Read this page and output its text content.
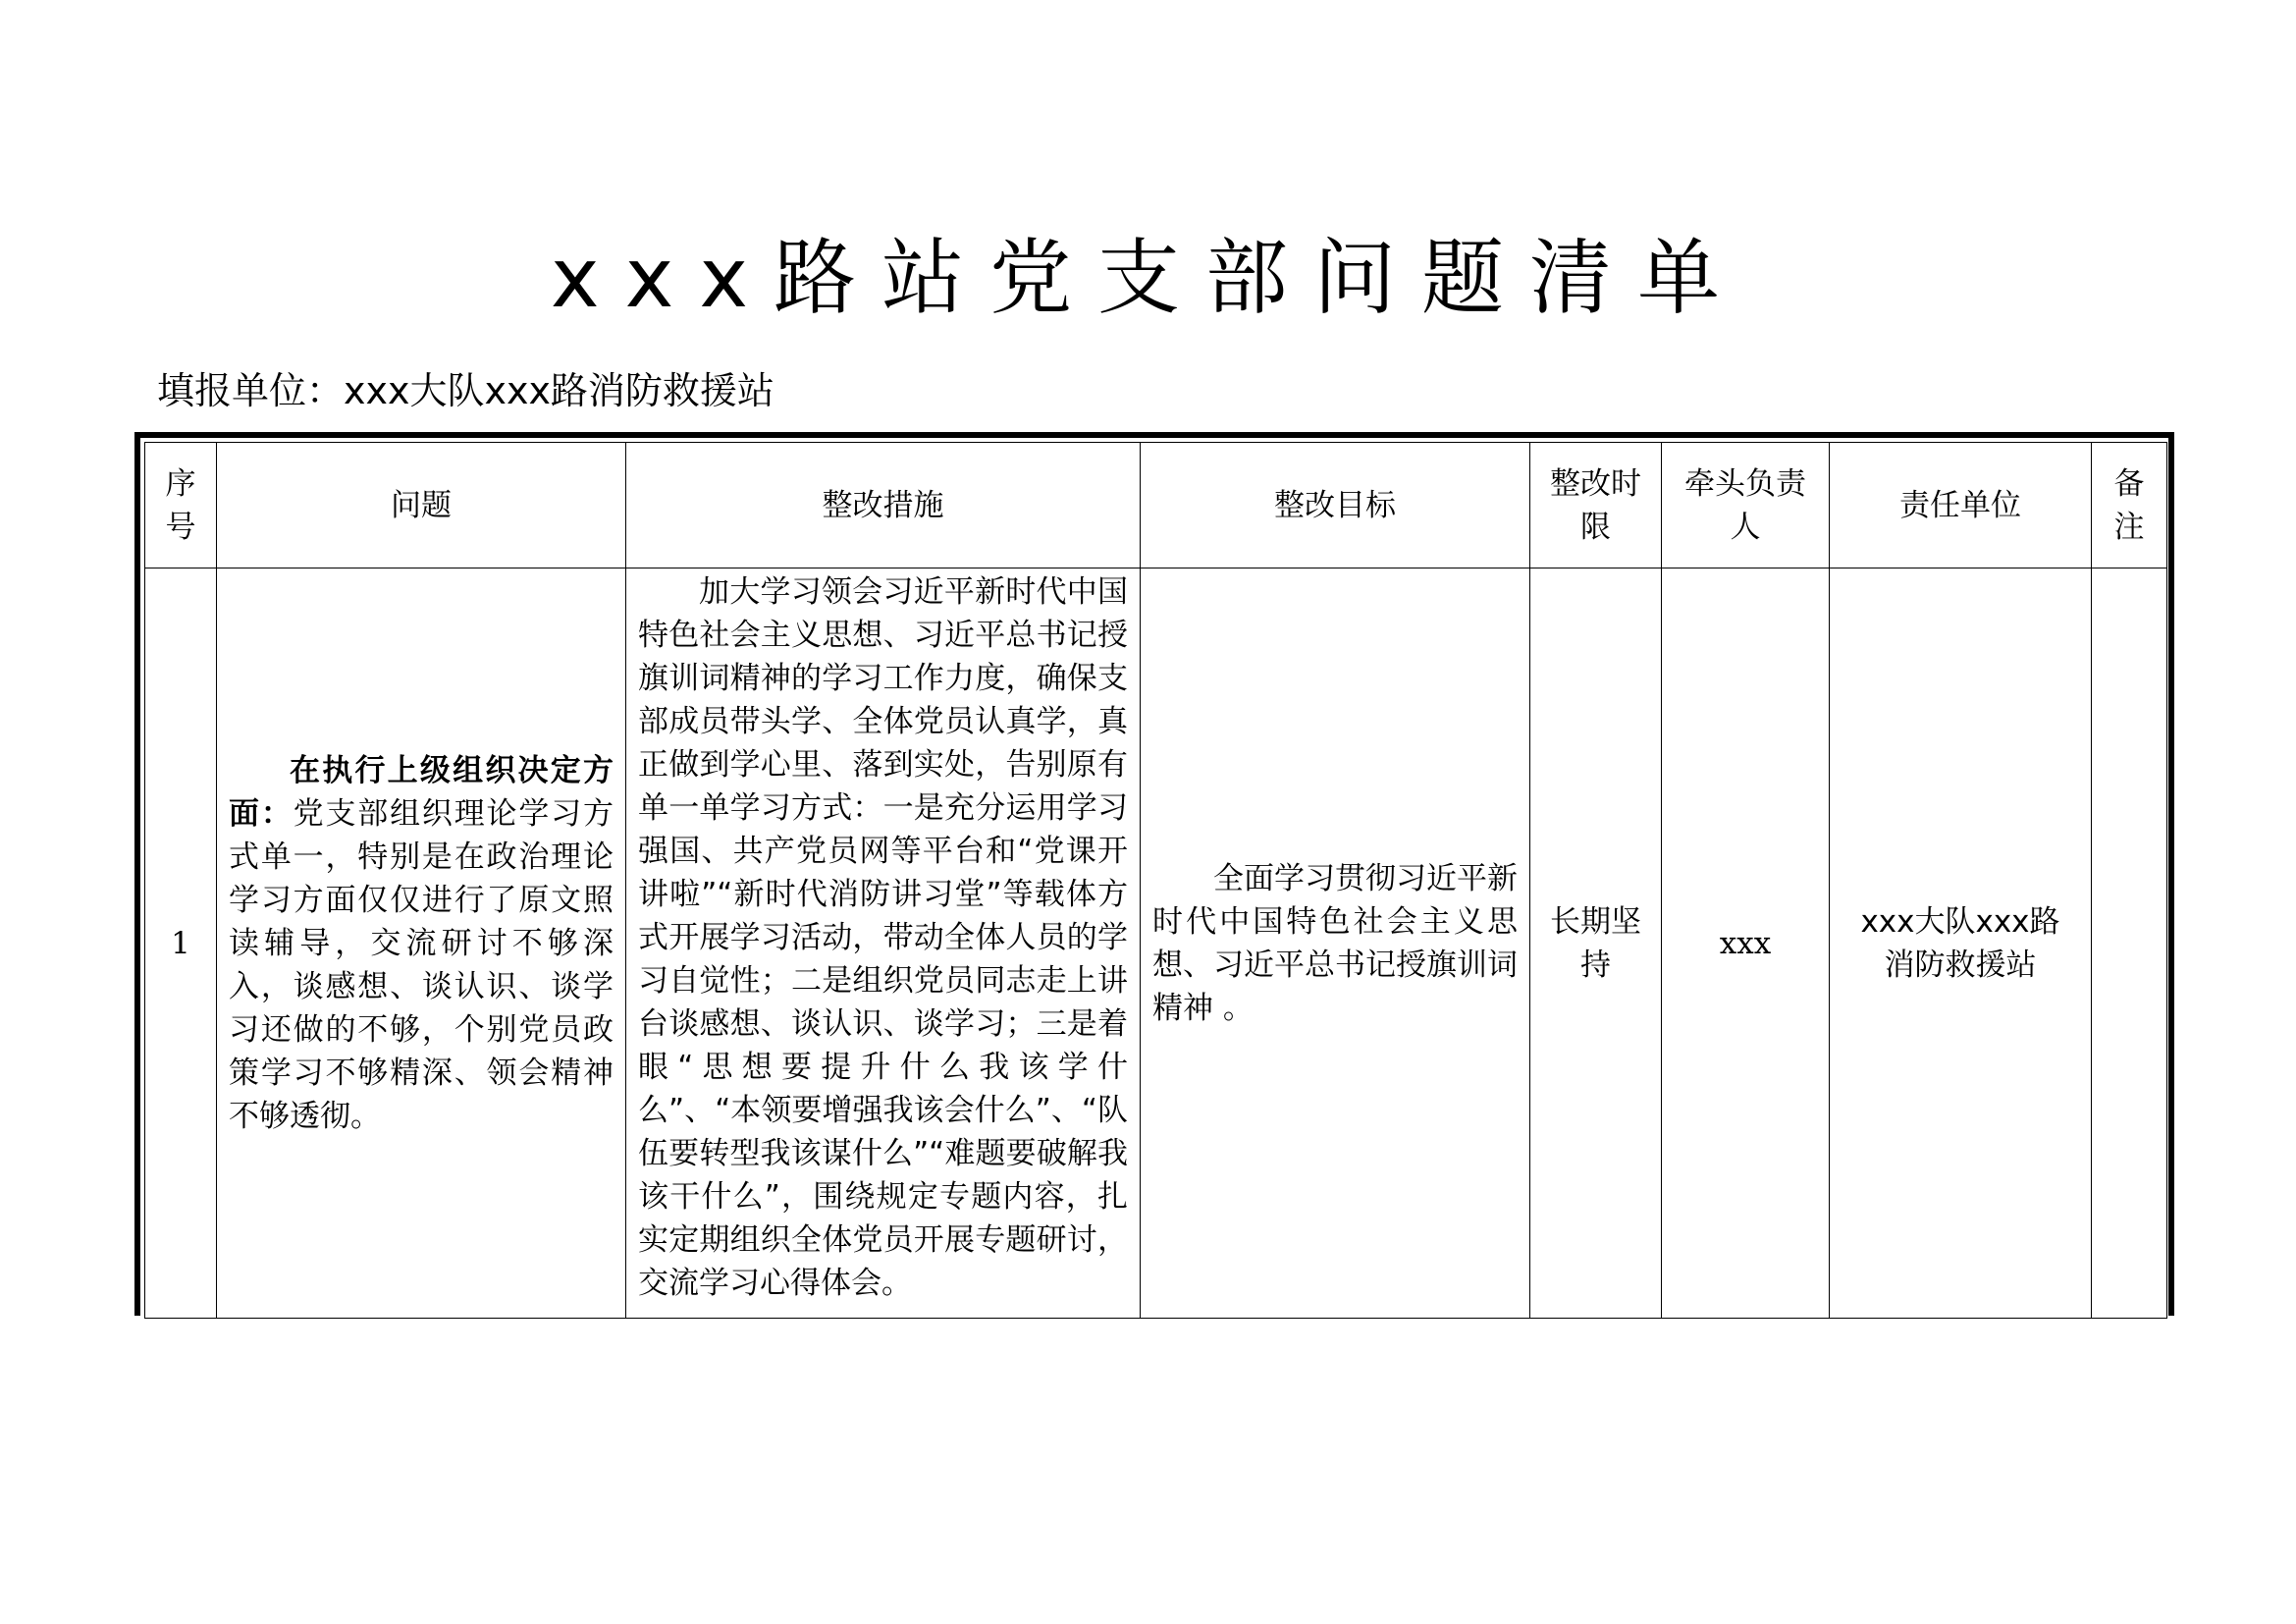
xxx路站党支部问题清单
填报单位：xxx大队xxx路消防救援站
序号	问题	整改措施	整改目标	整改时限	牵头负责人	责任单位	备注
1	在执行上级组织决定方面：党支部组织理论学习方式单一，特别是在政治理论学习方面仅仅进行了原文照读辅导，交流研讨不够深入，谈感想、谈认识、谈学习还做的不够，个别党员政策学习不够精深、领会精神不够透彻。	加大学习领会习近平新时代中国特色社会主义思想、习近平总书记授旗训词精神的学习工作力度，确保支部成员带头学、全体党员认真学，真正做到学心里、落到实处，告别原有单一单学习方式：一是充分运用学习强国、共产党员网等平台和“党课开讲啦”“新时代消防讲习堂”等载体方式开展学习活动，带动全体人员的学习自觉性；二是组织党员同志走上讲台谈感想、谈认识、谈学习；三是着眼“思想要提升什么我该学什么”、“本领要增强我该会什么”、“队伍要转型我该谋什么”“难题要破解我该干什么”，围绕规定专题内容，扎实定期组织全体党员开展专题研讨，交流学习心得体会。	全面学习贯彻习近平新时代中国特色社会主义思想、习近平总书记授旗训词精神 。	长期坚持	xxx	xxx大队xxx路消防救援站	
